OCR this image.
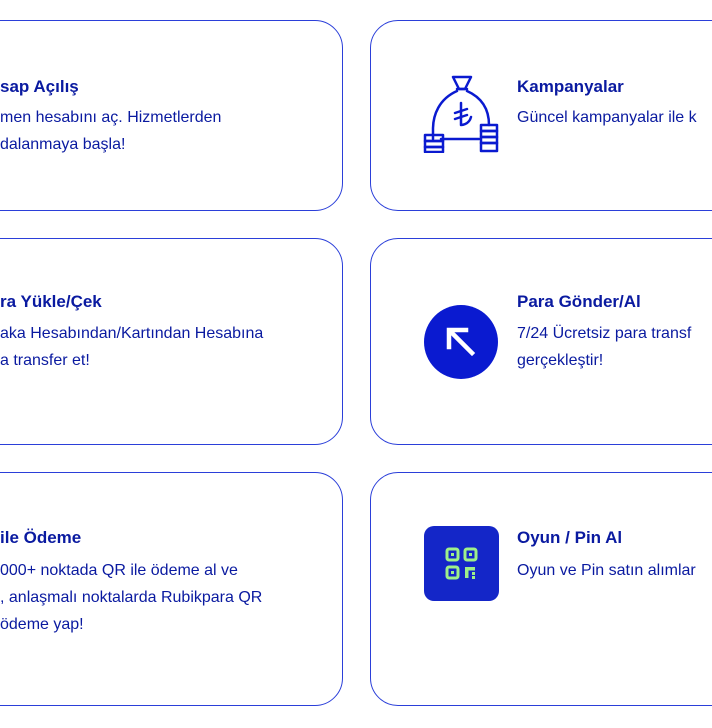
sap Açılış

men hesabını aç. Hizmetlerden
dalanmaya başla!

Kampanyalar

Güncel kampanyalar ile k

ra Yükle/Çek

aka Hesabından/Kartından Hesabına
a transfer et!

Para Gönder/Al

7/24 Ücretsiz para transf
gerçekleştir!

ile Ödeme

000+ noktada QR ile ödeme al ve
, anlaşmalı noktalarda Rubikpara QR
ödeme yap!

Oyun / Pin Al

Oyun ve Pin satın alımlar
